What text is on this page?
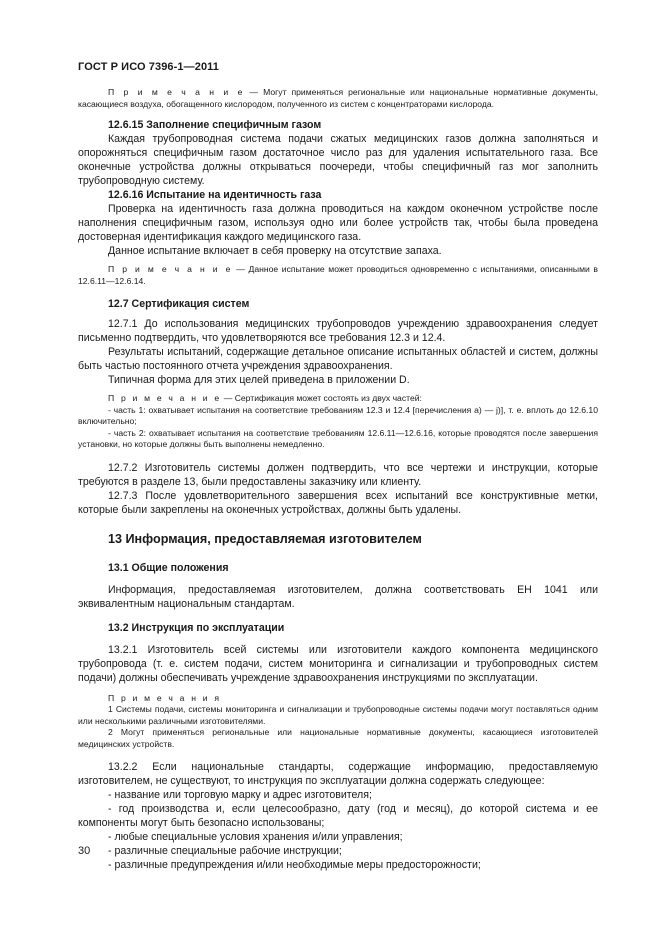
ГОСТ Р ИСО 7396-1—2011

П р и м е ч а н и е — Могут применяться региональные или национальные нормативные документы, касающиеся воздуха, обогащенного кислородом, полученного из систем с концентраторами кислорода.

12.6.15 Заполнение специфичным газом

Каждая трубопроводная система подачи сжатых медицинских газов должна заполняться и опорожняться специфичным газом достаточное число раз для удаления испытательного газа. Все оконечные устройства должны открываться поочереди, чтобы специфичный газ мог заполнить трубопроводную систему.

12.6.16 Испытание на идентичность газа

Проверка на идентичность газа должна проводиться на каждом оконечном устройстве после наполнения специфичным газом, используя одно или более устройств так, чтобы была проведена достоверная идентификация каждого медицинского газа.

Данное испытание включает в себя проверку на отсутствие запаха.

П р и м е ч а н и е — Данное испытание может проводиться одновременно с испытаниями, описанными в 12.6.11—12.6.14.

12.7 Сертификация систем

12.7.1 До использования медицинских трубопроводов учреждению здравоохранения следует письменно подтвердить, что удовлетворяются все требования 12.3 и 12.4.

Результаты испытаний, содержащие детальное описание испытанных областей и систем, должны быть частью постоянного отчета учреждения здравоохранения.

Типичная форма для этих целей приведена в приложении D.

П р и м е ч а н и е — Сертификация может состоять из двух частей:

- часть 1: охватывает испытания на соответствие требованиям 12.3 и 12.4 [перечисления а) — j)], т. е. вплоть до 12.6.10 включительно;

- часть 2: охватывает испытания на соответствие требованиям 12.6.11—12.6.16, которые проводятся после завершения установки, но которые должны быть выполнены немедленно.

12.7.2 Изготовитель системы должен подтвердить, что все чертежи и инструкции, которые требуются в разделе 13, были предоставлены заказчику или клиенту.

12.7.3 После удовлетворительного завершения всех испытаний все конструктивные метки, которые были закреплены на оконечных устройствах, должны быть удалены.

13 Информация, предоставляемая изготовителем

13.1 Общие положения

Информация, предоставляемая изготовителем, должна соответствовать ЕН 1041 или эквивалентным национальным стандартам.

13.2 Инструкция по эксплуатации

13.2.1 Изготовитель всей системы или изготовители каждого компонента медицинского трубопровода (т. е. систем подачи, систем мониторинга и сигнализации и трубопроводных систем подачи) должны обеспечивать учреждение здравоохранения инструкциями по эксплуатации.

П р и м е ч а н и я

1 Системы подачи, системы мониторинга и сигнализации и трубопроводные системы подачи могут поставляться одним или несколькими различными изготовителями.

2 Могут применяться региональные или национальные нормативные документы, касающиеся изготовителей медицинских устройств.

13.2.2 Если национальные стандарты, содержащие информацию, предоставляемую изготовителем, не существуют, то инструкция по эксплуатации должна содержать следующее:

- название или торговую марку и адрес изготовителя;

- год производства и, если целесообразно, дату (год и месяц), до которой система и ее компоненты могут быть безопасно использованы;

- любые специальные условия хранения и/или управления;

- различные специальные рабочие инструкции;

- различные предупреждения и/или необходимые меры предосторожности;

30
